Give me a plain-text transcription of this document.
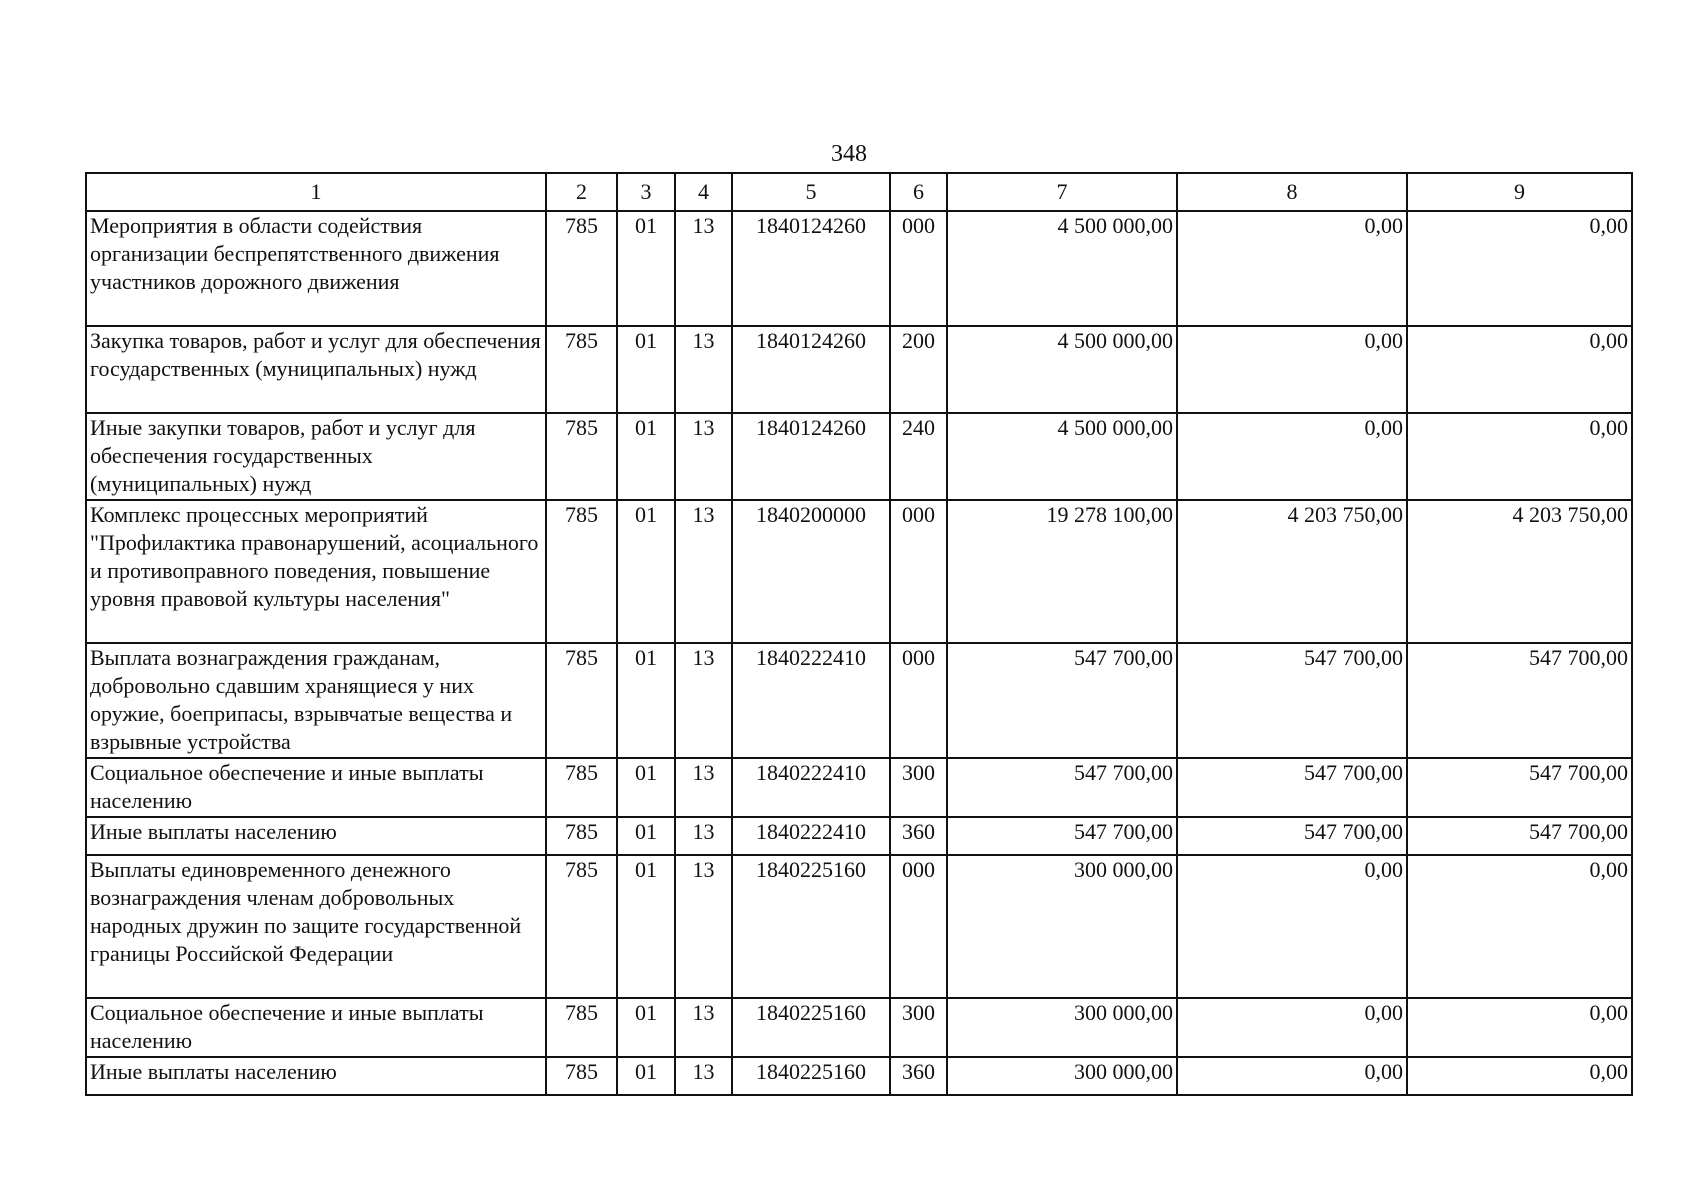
348
1	2	3	4	5	6	7	8	9
Мероприятия в области содействия организации беспрепятственного движения участников дорожного движения	785	01	13	1840124260	000	4 500 000,00	0,00	0,00
Закупка товаров, работ и услуг для обеспечения государственных (муниципальных) нужд	785	01	13	1840124260	200	4 500 000,00	0,00	0,00
Иные закупки товаров, работ и услуг для обеспечения государственных (муниципальных) нужд	785	01	13	1840124260	240	4 500 000,00	0,00	0,00
Комплекс процессных мероприятий "Профилактика правонарушений, асоциального и противоправного поведения, повышение уровня правовой культуры населения"	785	01	13	1840200000	000	19 278 100,00	4 203 750,00	4 203 750,00
Выплата вознаграждения гражданам, добровольно сдавшим хранящиеся у них оружие, боеприпасы, взрывчатые вещества и взрывные устройства	785	01	13	1840222410	000	547 700,00	547 700,00	547 700,00
Социальное обеспечение и иные выплаты населению	785	01	13	1840222410	300	547 700,00	547 700,00	547 700,00
Иные выплаты населению	785	01	13	1840222410	360	547 700,00	547 700,00	547 700,00
Выплаты единовременного денежного вознаграждения членам добровольных народных дружин по защите государственной границы Российской Федерации	785	01	13	1840225160	000	300 000,00	0,00	0,00
Социальное обеспечение и иные выплаты населению	785	01	13	1840225160	300	300 000,00	0,00	0,00
Иные выплаты населению	785	01	13	1840225160	360	300 000,00	0,00	0,00
